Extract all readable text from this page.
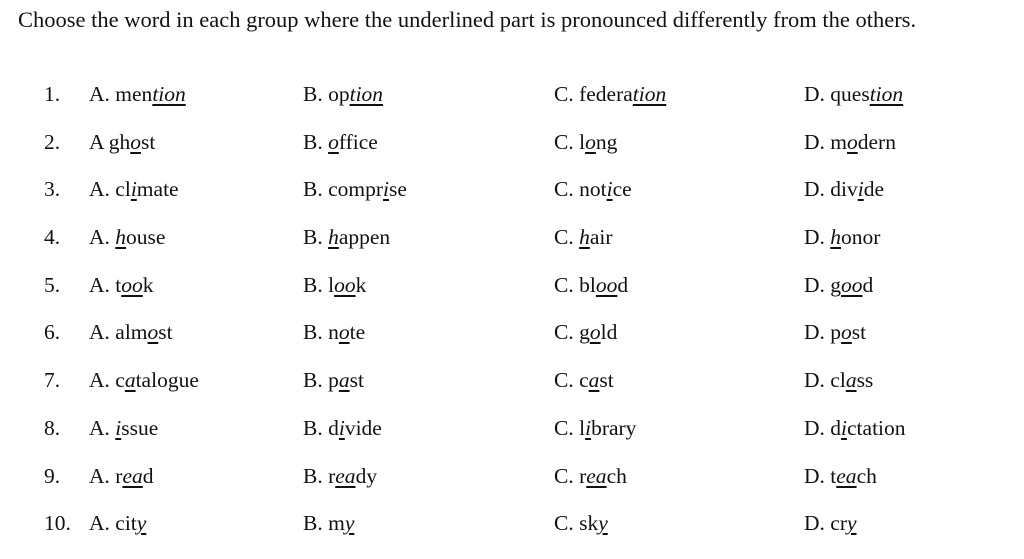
Choose the word in each group where the underlined part is pronounced differently from the others.

1. A. mention	B. option	C. federation	D. question
2. A ghost	B. office	C. long	D. modern
3. A. climate	B. comprise	C. notice	D. divide
4. A. house	B. happen	C. hair	D. honor
5. A. took	B. look	C. blood	D. good
6. A. almost	B. note	C. gold	D. post
7. A. catalogue	B. past	C. cast	D. class
8. A. issue	B. divide	C. library	D. dictation
9. A. read	B. ready	C. reach	D. teach
10. A. city	B. my	C. sky	D. cry
